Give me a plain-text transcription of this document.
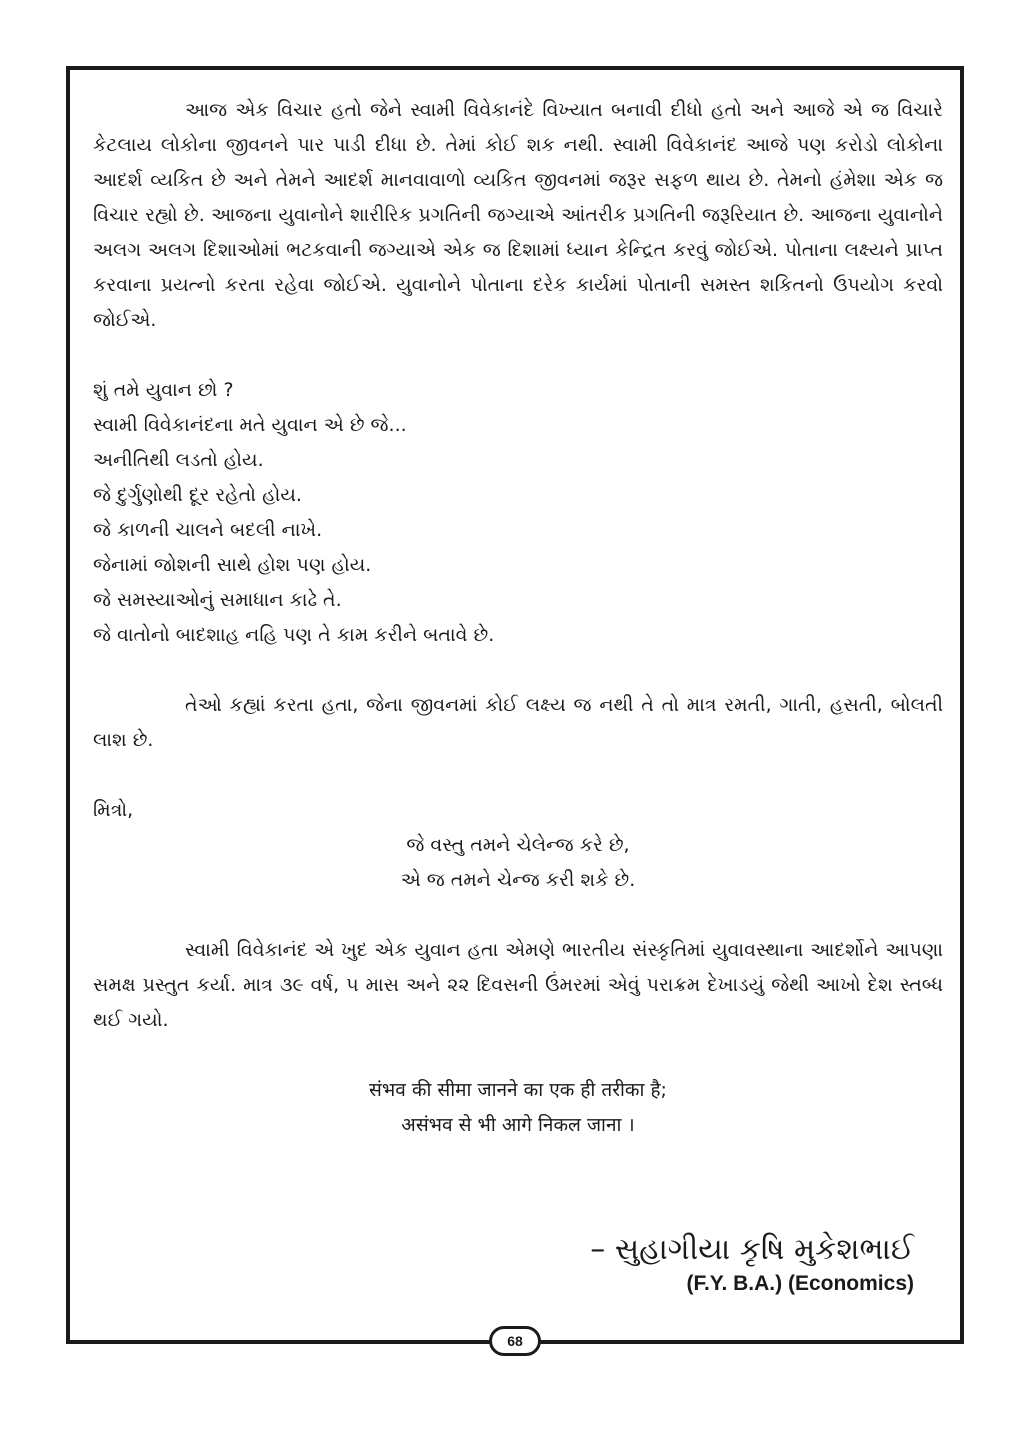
આજ એક વિચાર હતો જેને સ્વામી વિવેકાનંદે વિખ્યાત બનાવી દીધો હતો અને આજે એ જ વિચારે કેટલાય લોકોના જીવનને પાર પાડી દીધા છે. તેમાં કોઈ શક નથી. સ્વામી વિવેકાનંદ આજે પણ કરોડો લોકોના આદર્શ વ્યકિત છે અને તેમને આદર્શ માનવાવાળો વ્યકિત જીવનમાં જરૂર સફળ થાય છે. તેમનો હંમેશા એક જ વિચાર રહ્યો છે. આજના યુવાનોને શારીરિક પ્રગતિની જગ્યાએ આંતરીક પ્રગતિની જરૂરિયાત છે. આજના યુવાનોને અલગ અલગ દિશાઓમાં ભટકવાની જગ્યાએ એક જ દિશામાં ધ્યાન કેન્દ્રિત કરવું જોઈએ. પોતાના લક્ષ્યને પ્રાપ્ત કરવાના પ્રયત્નો કરતા રહેવા જોઈએ. યુવાનોને પોતાના દરેક કાર્યમાં પોતાની સમસ્ત શકિતનો ઉપયોગ કરવો જોઈએ.

શું તમે યુવાન છો ?
સ્વામી વિવેકાનંદના મતે યુવાન એ છે જે...
અનીતિથી લડતો હોય.
જે દુર્ગુણોથી દૂર રહેતો હોય.
જે કાળની ચાલને બદલી નાખે.
જેનામાં જોશની સાથે હોશ પણ હોય.
જે સમસ્યાઓનું સમાધાન કાઢે તે.
જે વાતોનો બાદશાહ નહિ પણ તે કામ કરીને બતાવે છે.

તેઓ કહ્યાં કરતા હતા, જેના જીવનમાં કોઈ લક્ષ્ય જ નથી તે તો માત્ર રમતી, ગાતી, હસતી, બોલતી લાશ છે.

મિત્રો,
જે વસ્તુ તમને ચેલેન્જ કરે છે,
એ જ તમને ચેન્જ કરી શકે છે.

સ્વામી વિવેકાનંદ એ ખુદ એક યુવાન હતા એમણે ભારતીય સંસ્કૃતિમાં યુવાવસ્થાના આદર્શોને આપણા સમક્ષ પ્રસ્તુત કર્યા. માત્ર ૩૯ વર્ષ, ૫ માસ અને ૨૨ દિવસની ઉંમરમાં એવું પરાક્રમ દેખાડયું જેથી આખો દેશ સ્તબ્ધ થઈ ગયો.

संभव की सीमा जानने का एक ही तरीका है;
असंभव से भी आगे निकल जाना ।
– સુહાગીયા કૃષિ મુકેશભાઈ
(F.Y. B.A.) (Economics)
68
